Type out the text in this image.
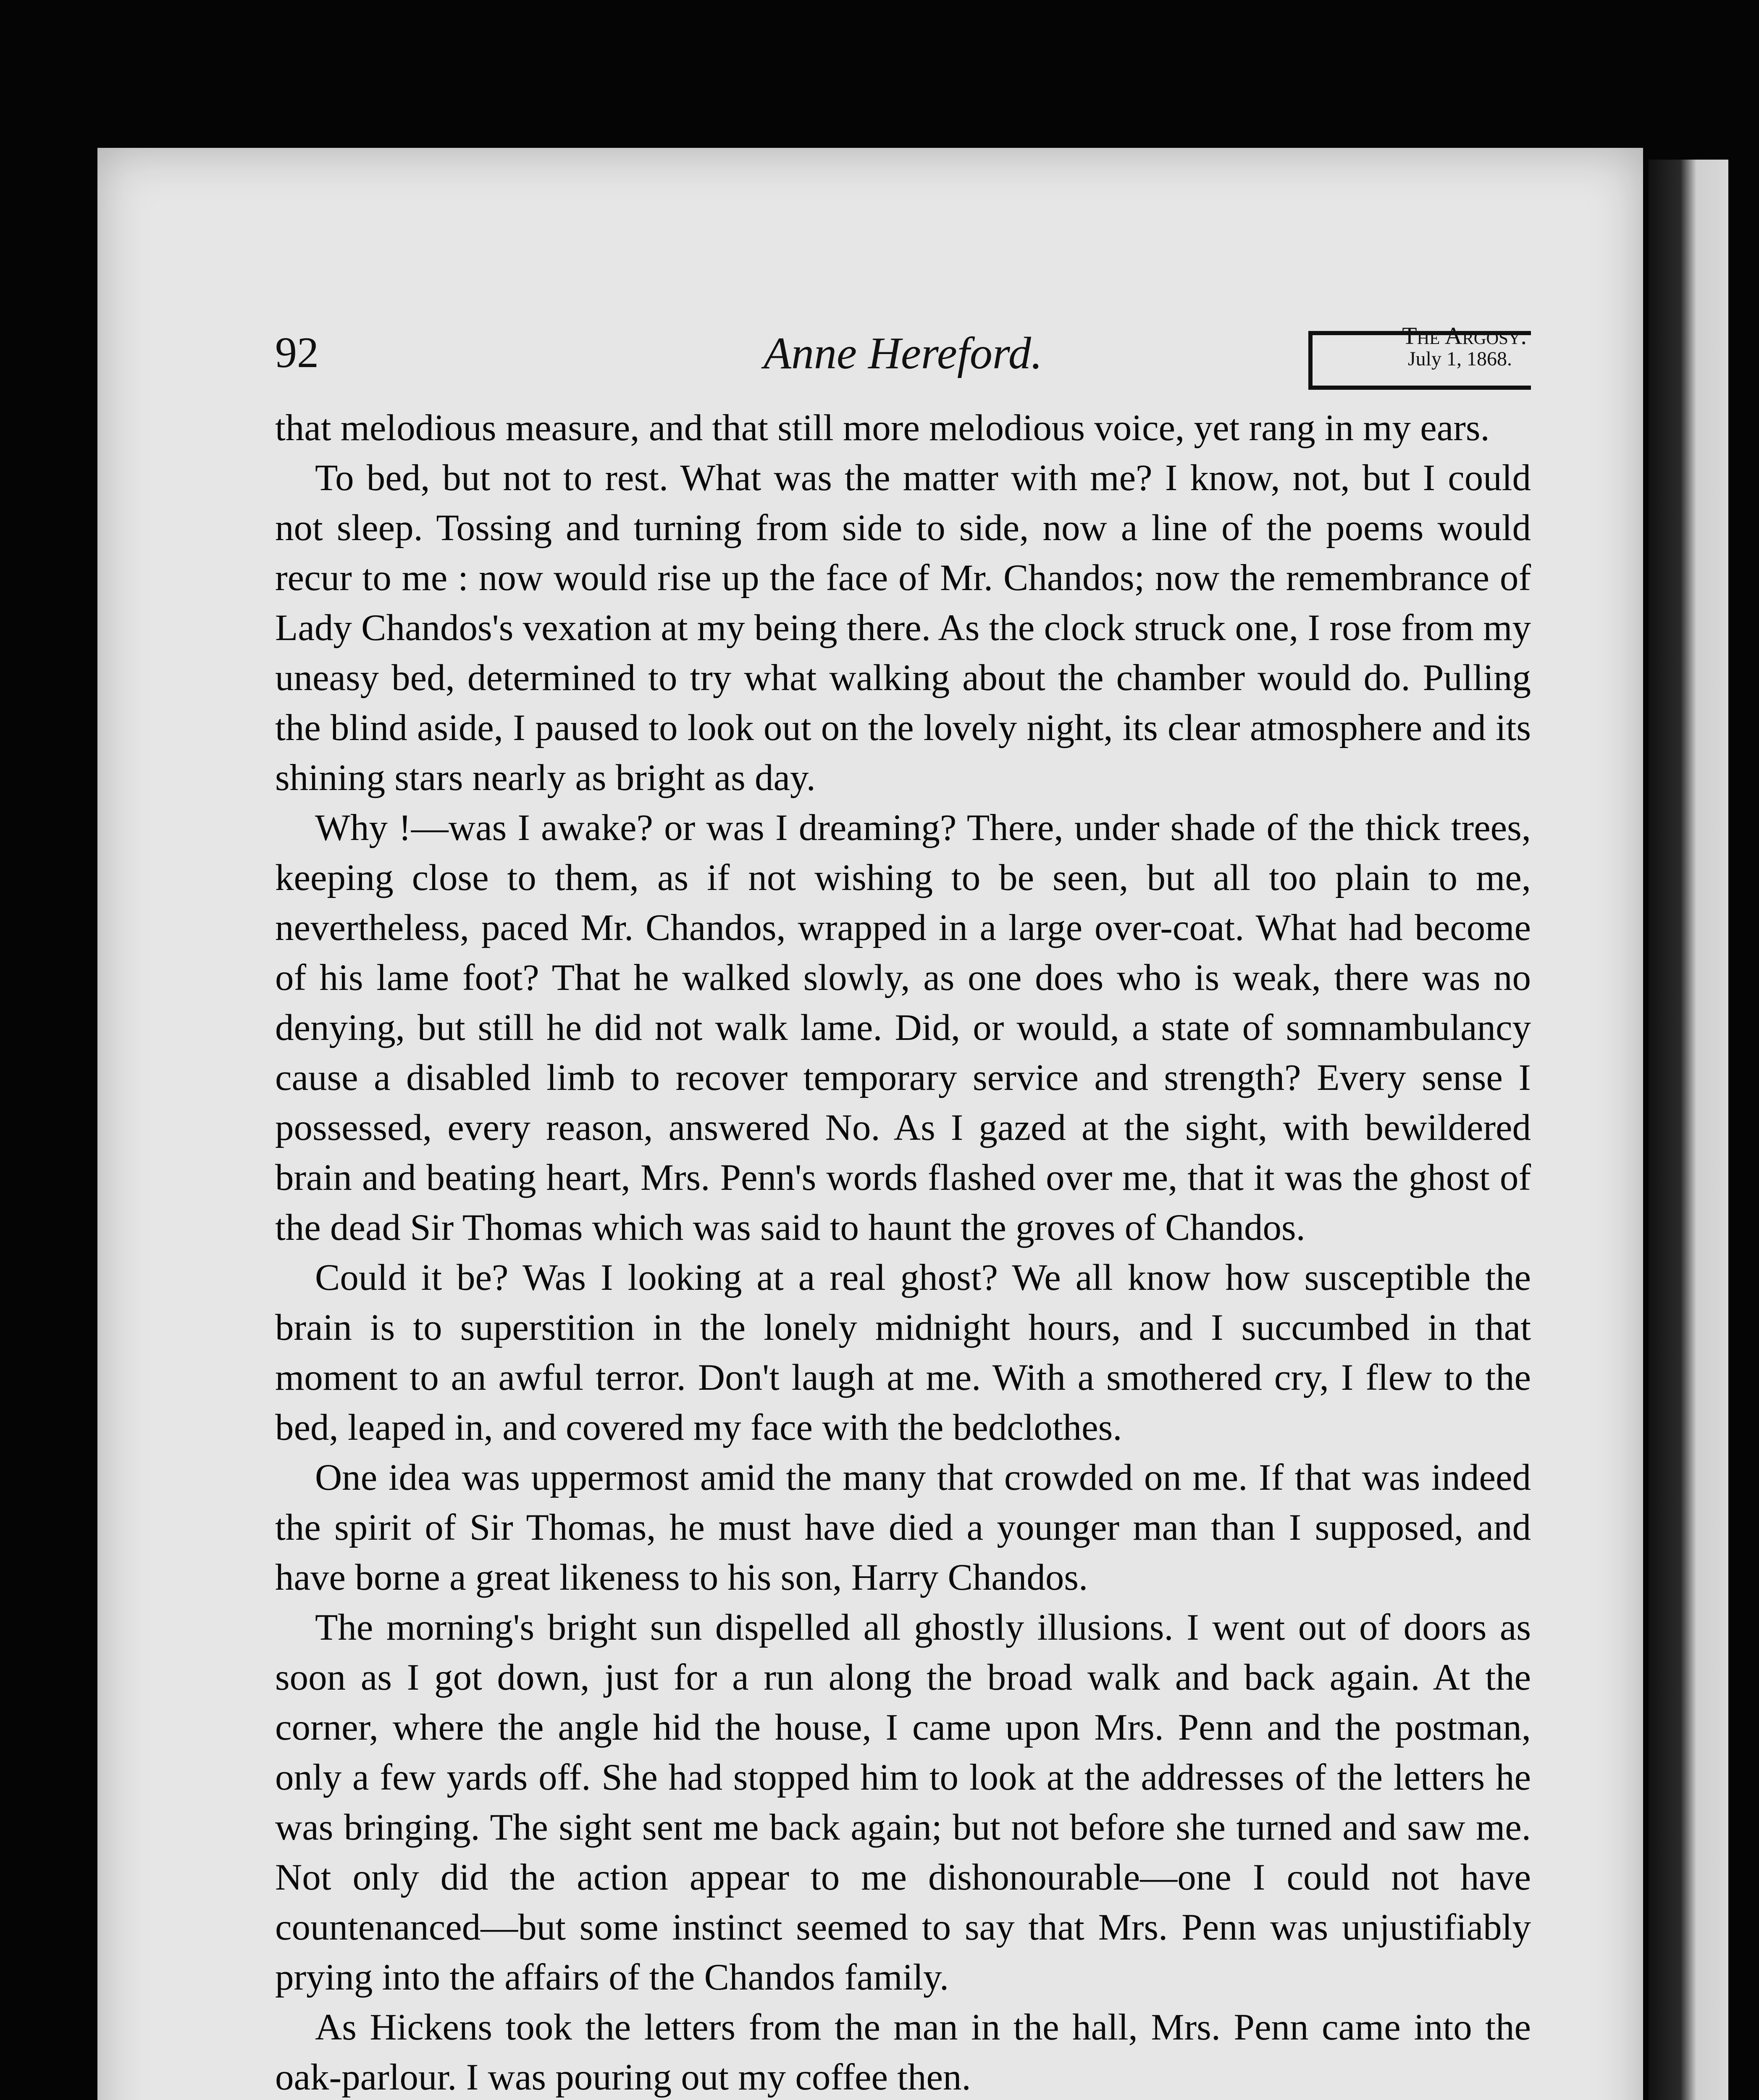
92	Anne Hereford.	The Argosy.
July 1, 1868.

that melodious measure, and that still more melodious voice, yet rang in my ears.

To bed, but not to rest. What was the matter with me? I know, not, but I could not sleep. Tossing and turning from side to side, now a line of the poems would recur to me : now would rise up the face of Mr. Chandos; now the remembrance of Lady Chandos's vexation at my being there. As the clock struck one, I rose from my uneasy bed, determined to try what walking about the chamber would do. Pulling the blind aside, I paused to look out on the lovely night, its clear atmosphere and its shining stars nearly as bright as day.

Why !—was I awake? or was I dreaming? There, under shade of the thick trees, keeping close to them, as if not wishing to be seen, but all too plain to me, nevertheless, paced Mr. Chandos, wrapped in a large over-coat. What had become of his lame foot? That he walked slowly, as one does who is weak, there was no denying, but still he did not walk lame. Did, or would, a state of somnambulancy cause a disabled limb to recover temporary service and strength? Every sense I possessed, every reason, answered No. As I gazed at the sight, with bewildered brain and beating heart, Mrs. Penn's words flashed over me, that it was the ghost of the dead Sir Thomas which was said to haunt the groves of Chandos.

Could it be? Was I looking at a real ghost? We all know how susceptible the brain is to superstition in the lonely midnight hours, and I succumbed in that moment to an awful terror. Don't laugh at me. With a smothered cry, I flew to the bed, leaped in, and covered my face with the bedclothes.

One idea was uppermost amid the many that crowded on me. If that was indeed the spirit of Sir Thomas, he must have died a younger man than I supposed, and have borne a great likeness to his son, Harry Chandos.

The morning's bright sun dispelled all ghostly illusions. I went out of doors as soon as I got down, just for a run along the broad walk and back again. At the corner, where the angle hid the house, I came upon Mrs. Penn and the postman, only a few yards off. She had stopped him to look at the addresses of the letters he was bringing. The sight sent me back again; but not before she turned and saw me. Not only did the action appear to me dishonourable—one I could not have countenanced—but some instinct seemed to say that Mrs. Penn was unjustifiably prying into the affairs of the Chandos family.

As Hickens took the letters from the man in the hall, Mrs. Penn came into the oak-parlour. I was pouring out my coffee then.
